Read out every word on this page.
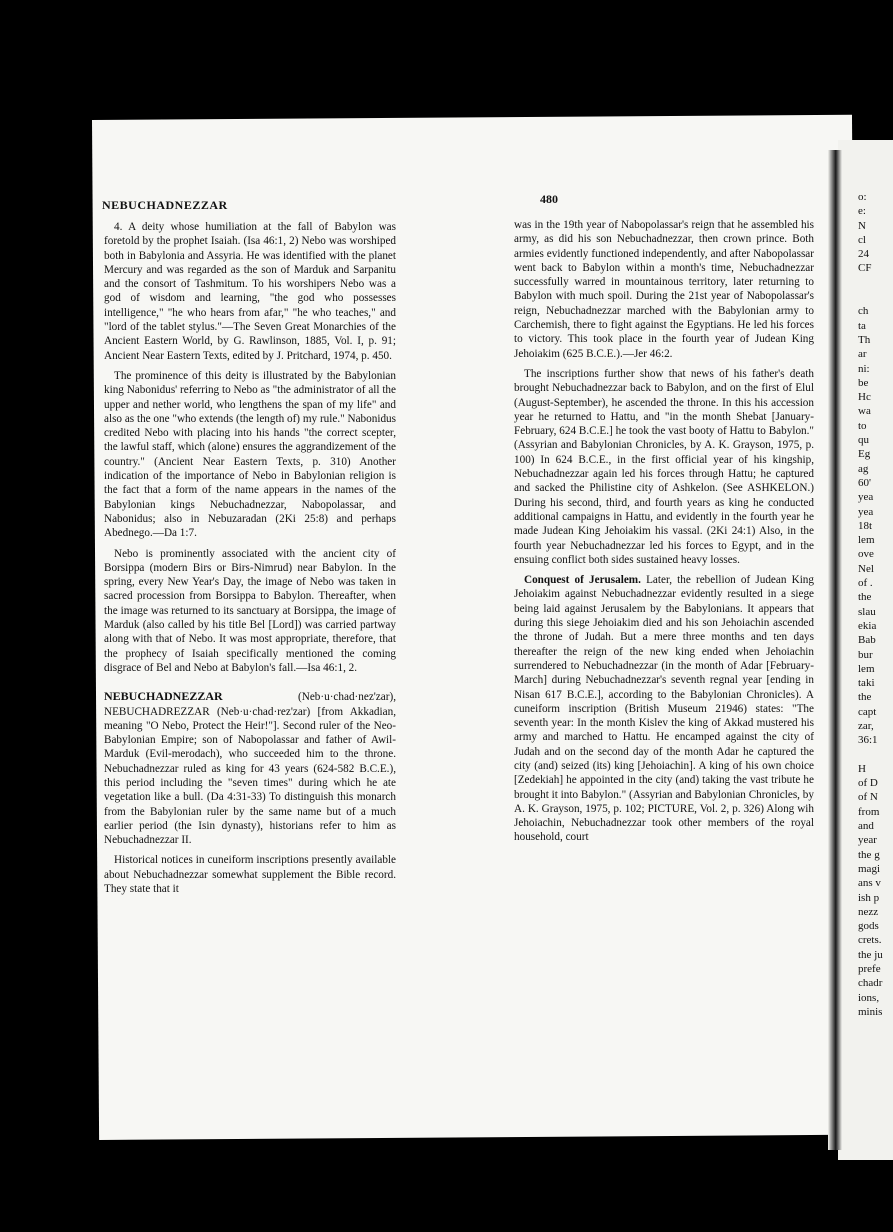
NEBUCHADNEZZAR	480

4. A deity whose humiliation at the fall of Babylon was foretold by the prophet Isaiah. (Isa 46:1, 2) Nebo was worshiped both in Babylonia and Assyria. He was identified with the planet Mercury and was regarded as the son of Marduk and Sarpanitu and the consort of Tashmitum. To his worshipers Nebo was a god of wisdom and learning, "the god who possesses intelligence," "he who hears from afar," "he who teaches," and "lord of the tablet stylus."—The Seven Great Monarchies of the Ancient Eastern World, by G. Rawlinson, 1885, Vol. I, p. 91; Ancient Near Eastern Texts, edited by J. Pritchard, 1974, p. 450.

The prominence of this deity is illustrated by the Babylonian king Nabonidus' referring to Nebo as "the administrator of all the upper and nether world, who lengthens the span of my life" and also as the one "who extends (the length of) my rule." Nabonidus credited Nebo with placing into his hands "the correct scepter, the lawful staff, which (alone) ensures the aggrandizement of the country." (Ancient Near Eastern Texts, p. 310) Another indication of the importance of Nebo in Babylonian religion is the fact that a form of the name appears in the names of the Babylonian kings Nebuchadnezzar, Nabopolassar, and Nabonidus; also in Nebuzaradan (2Ki 25:8) and perhaps Abednego.—Da 1:7.

Nebo is prominently associated with the ancient city of Borsippa (modern Birs or Birs-Nimrud) near Babylon. In the spring, every New Year's Day, the image of Nebo was taken in sacred procession from Borsippa to Babylon. Thereafter, when the image was returned to its sanctuary at Borsippa, the image of Marduk (also called by his title Bel [Lord]) was carried partway along with that of Nebo. It was most appropriate, therefore, that the prophecy of Isaiah specifically mentioned the coming disgrace of Bel and Nebo at Babylon's fall.—Isa 46:1, 2.

NEBUCHADNEZZAR (Neb·u·chad·nez'zar), NEBUCHADREZZAR (Neb·u·chad·rez'zar) [from Akkadian, meaning "O Nebo, Protect the Heir!"]. Second ruler of the Neo-Babylonian Empire; son of Nabopolassar and father of Awil-Marduk (Evil-merodach), who succeeded him to the throne. Nebuchadnezzar ruled as king for 43 years (624-582 B.C.E.), this period including the "seven times" during which he ate vegetation like a bull. (Da 4:31-33) To distinguish this monarch from the Babylonian ruler by the same name but of a much earlier period (the Isin dynasty), historians refer to him as Nebuchadnezzar II.

Historical notices in cuneiform inscriptions presently available about Nebuchadnezzar somewhat supplement the Bible record. They state that it

was in the 19th year of Nabopolassar's reign that he assembled his army, as did his son Nebuchadnezzar, then crown prince. Both armies evidently functioned independently, and after Nabopolassar went back to Babylon within a month's time, Nebuchadnezzar successfully warred in mountainous territory, later returning to Babylon with much spoil. During the 21st year of Nabopolassar's reign, Nebuchadnezzar marched with the Babylonian army to Carchemish, there to fight against the Egyptians. He led his forces to victory. This took place in the fourth year of Judean King Jehoiakim (625 B.C.E.).—Jer 46:2.

The inscriptions further show that news of his father's death brought Nebuchadnezzar back to Babylon, and on the first of Elul (August-September), he ascended the throne. In this his accession year he returned to Hattu, and "in the month Shebat [January-February, 624 B.C.E.] he took the vast booty of Hattu to Babylon." (Assyrian and Babylonian Chronicles, by A. K. Grayson, 1975, p. 100) In 624 B.C.E., in the first official year of his kingship, Nebuchadnezzar again led his forces through Hattu; he captured and sacked the Philistine city of Ashkelon. (See ASHKELON.) During his second, third, and fourth years as king he conducted additional campaigns in Hattu, and evidently in the fourth year he made Judean King Jehoiakim his vassal. (2Ki 24:1) Also, in the fourth year Nebuchadnezzar led his forces to Egypt, and in the ensuing conflict both sides sustained heavy losses.

Conquest of Jerusalem. Later, the rebellion of Judean King Jehoiakim against Nebuchadnezzar evidently resulted in a siege being laid against Jerusalem by the Babylonians. It appears that during this siege Jehoiakim died and his son Jehoiachin ascended the throne of Judah. But a mere three months and ten days thereafter the reign of the new king ended when Jehoiachin surrendered to Nebuchadnezzar (in the month of Adar [February-March] during Nebuchadnezzar's seventh regnal year [ending in Nisan 617 B.C.E.], according to the Babylonian Chronicles). A cuneiform inscription (British Museum 21946) states: "The seventh year: In the month Kislev the king of Akkad mustered his army and marched to Hattu. He encamped against the city of Judah and on the second day of the month Adar he captured the city (and) seized (its) king [Jehoiachin]. A king of his own choice [Zedekiah] he appointed in the city (and) taking the vast tribute he brought it into Babylon." (Assyrian and Babylonian Chronicles, by A. K. Grayson, 1975, p. 102; PICTURE, Vol. 2, p. 326) Along wih Jehoiachin, Nebuchadnezzar took other members of the royal household, court

o:
e:
N
cl
24
CF
ch
ta
Th
ar
ni:
be
Hc
wa
to
qu
Eg
ag
60'
yea
yea
18t
lem
ove
Nel
of .
the
slau
ekia
Bab
bur
lem
taki
the
capt
zar,
36:1
H
of D
of N
from
and
year
the g
magi
ans v
ish p
nezz
gods
crets.
the ju
prefe
chadr
ions,
minis
